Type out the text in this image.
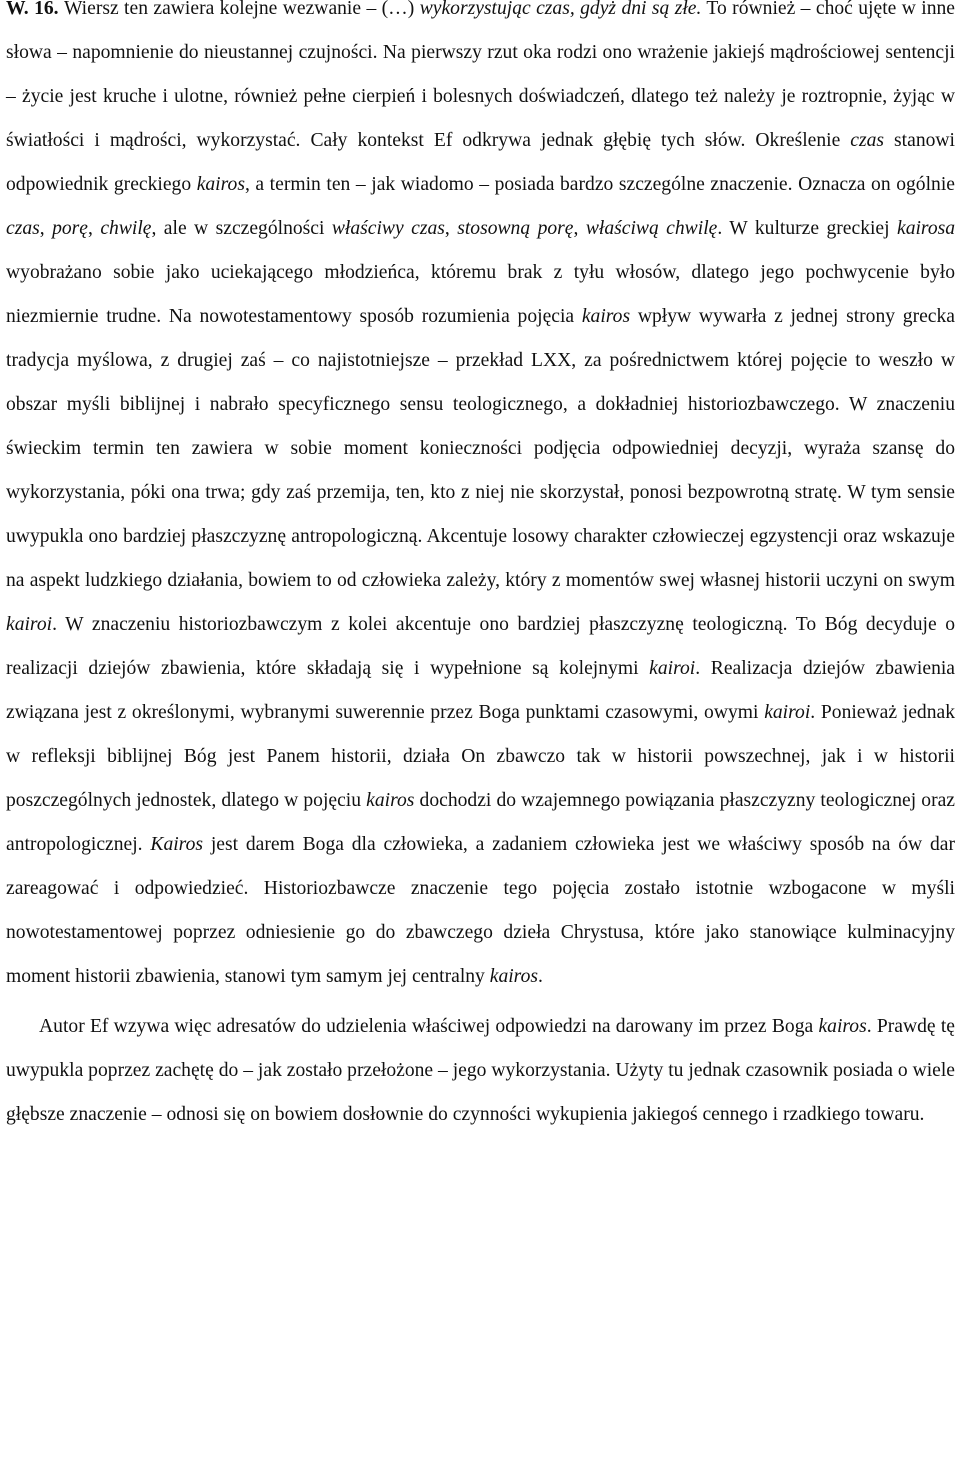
W. 16. Wiersz ten zawiera kolejne wezwanie – (…) wykorzystując czas, gdyż dni są złe. To również – choć ujęte w inne słowa – napomnienie do nieustannej czujności. Na pierwszy rzut oka rodzi ono wrażenie jakiejś mądrościowej sentencji – życie jest kruche i ulotne, również pełne cierpień i bolesnych doświadczeń, dlatego też należy je roztropnie, żyjąc w światłości i mądrości, wykorzystać. Cały kontekst Ef odkrywa jednak głębię tych słów. Określenie czas stanowi odpowiednik greckiego kairos, a termin ten – jak wiadomo – posiada bardzo szczególne znaczenie. Oznacza on ogólnie czas, porę, chwilę, ale w szczególności właściwy czas, stosowną porę, właściwą chwilę. W kulturze greckiej kairosa wyobrażano sobie jako uciekającego młodzieńca, któremu brak z tyłu włosów, dlatego jego pochwycenie było niezmiernie trudne. Na nowotestamentowy sposób rozumienia pojęcia kairos wpływ wywarła z jednej strony grecka tradycja myślowa, z drugiej zaś – co najistotniejsze – przekład LXX, za pośrednictwem której pojęcie to weszło w obszar myśli biblijnej i nabrało specyficznego sensu teologicznego, a dokładniej historiozbawczego. W znaczeniu świeckim termin ten zawiera w sobie moment konieczności podjęcia odpowiedniej decyzji, wyraża szansę do wykorzystania, póki ona trwa; gdy zaś przemija, ten, kto z niej nie skorzystał, ponosi bezpowrotną stratę. W tym sensie uwypukla ono bardziej płaszczyznę antropologiczną. Akcentuje losowy charakter człowieczej egzystencji oraz wskazuje na aspekt ludzkiego działania, bowiem to od człowieka zależy, który z momentów swej własnej historii uczyni on swym kairoi. W znaczeniu historiozbawczym z kolei akcentuje ono bardziej płaszczyznę teologiczną. To Bóg decyduje o realizacji dziejów zbawienia, które składają się i wypełnione są kolejnymi kairoi. Realizacja dziejów zbawienia związana jest z określonymi, wybranymi suwerennie przez Boga punktami czasowymi, owymi kairoi. Ponieważ jednak w refleksji biblijnej Bóg jest Panem historii, działa On zbawczo tak w historii powszechnej, jak i w historii poszczególnych jednostek, dlatego w pojęciu kairos dochodzi do wzajemnego powiązania płaszczyzny teologicznej oraz antropologicznej. Kairos jest darem Boga dla człowieka, a zadaniem człowieka jest we właściwy sposób na ów dar zareagować i odpowiedzieć. Historiozbawcze znaczenie tego pojęcia zostało istotnie wzbogacone w myśli nowotestamentowej poprzez odniesienie go do zbawczego dzieła Chrystusa, które jako stanowiące kulminacyjny moment historii zbawienia, stanowi tym samym jej centralny kairos.

Autor Ef wzywa więc adresatów do udzielenia właściwej odpowiedzi na darowany im przez Boga kairos. Prawdę tę uwypukla poprzez zachętę do – jak zostało przełożone – jego wykorzystania. Użyty tu jednak czasownik posiada o wiele głębsze znaczenie – odnosi się on bowiem dosłownie do czynności wykupienia jakiegoś cennego i rzadkiego towaru.
